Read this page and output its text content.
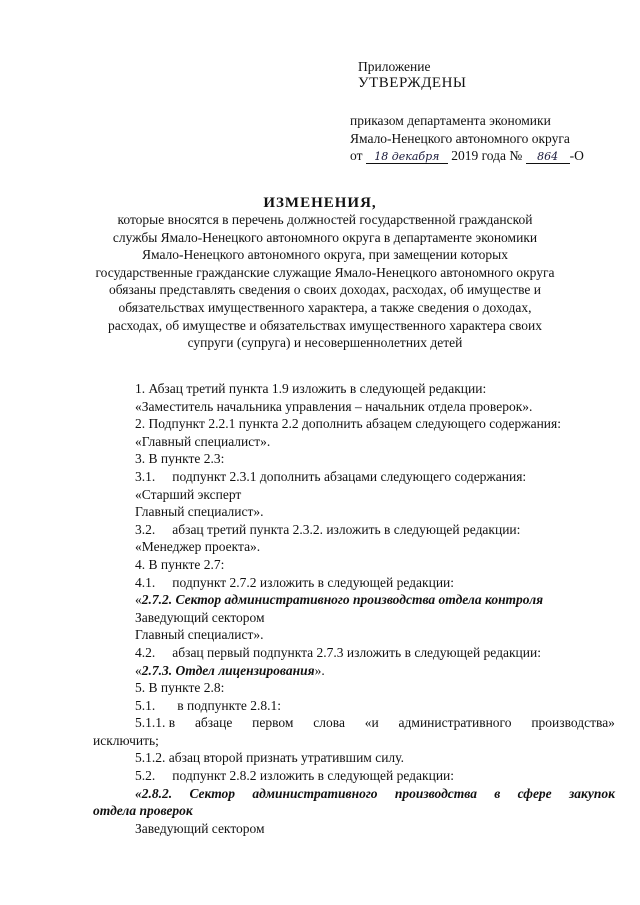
Приложение
УТВЕРЖДЕНЫ
приказом департамента экономики
Ямало-Ненецкого автономного округа
от 18 декабря 2019 года № 864 -О
ИЗМЕНЕНИЯ,
которые вносятся в перечень должностей государственной гражданской
службы Ямало-Ненецкого автономного округа в департаменте экономики
Ямало-Ненецкого автономного округа, при замещении которых
государственные гражданские служащие Ямало-Ненецкого автономного округа
обязаны представлять сведения о своих доходах, расходах, об имуществе и
обязательствах имущественного характера, а также сведения о доходах,
расходах, об имуществе и обязательствах имущественного характера своих
супруги (супруга) и несовершеннолетних детей
1. Абзац третий пункта 1.9 изложить в следующей редакции:
«Заместитель начальника управления – начальник отдела проверок».
2. Подпункт 2.2.1 пункта 2.2 дополнить абзацем следующего содержания:
«Главный специалист».
3. В пункте 2.3:
3.1. подпункт 2.3.1 дополнить абзацами следующего содержания:
«Старший эксперт
Главный специалист».
3.2. абзац третий пункта 2.3.2. изложить в следующей редакции:
«Менеджер проекта».
4. В пункте 2.7:
4.1. подпункт 2.7.2 изложить в следующей редакции:
«2.7.2. Сектор административного производства отдела контроля
Заведующий сектором
Главный специалист».
4.2. абзац первый подпункта 2.7.3 изложить в следующей редакции:
«2.7.3. Отдел лицензирования».
5. В пункте 2.8:
5.1. в подпункте 2.8.1:
5.1.1. в абзаце первом слова «и административного производства»
исключить;
5.1.2. абзац второй признать утратившим силу.
5.2. подпункт 2.8.2 изложить в следующей редакции:
«2.8.2. Сектор административного производства в сфере закупок
отдела проверок
Заведующий сектором
